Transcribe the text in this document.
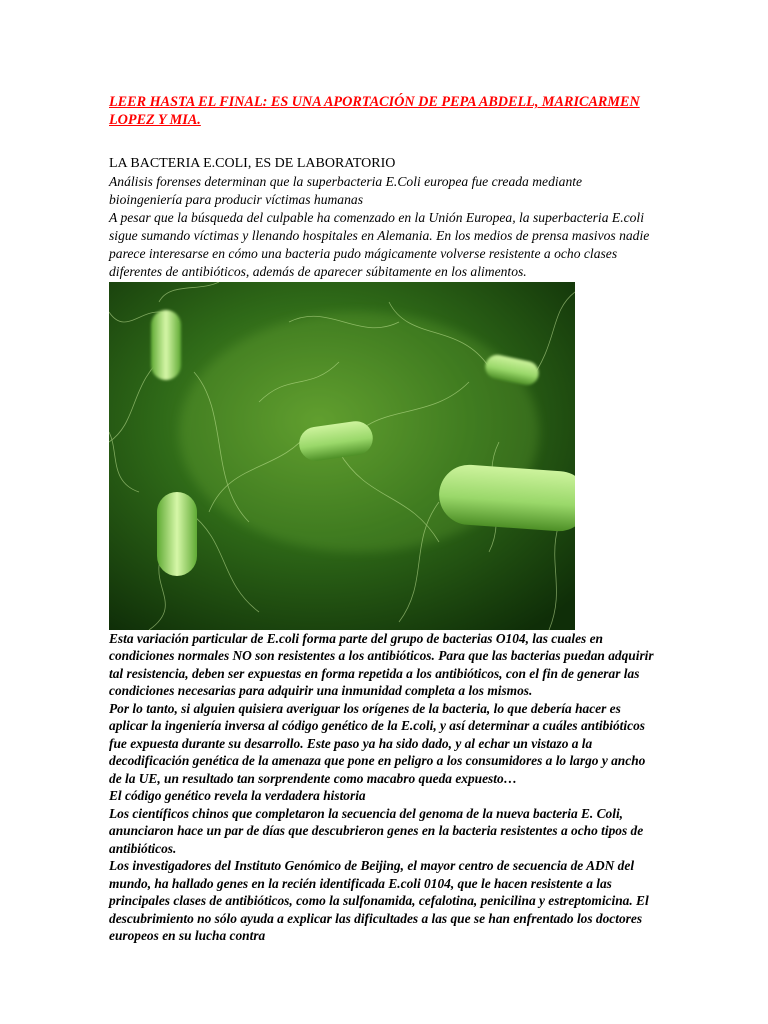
LEER HASTA EL FINAL: ES UNA APORTACIÓN DE PEPA ABDELL, MARICARMEN LOPEZ Y MIA.

LA BACTERIA E.COLI, ES DE LABORATORIO

Análisis forenses determinan que la superbacteria E.Coli europea fue creada mediante bioingeniería para producir víctimas humanas

A pesar que la búsqueda del culpable ha comenzado en la Unión Europea, la superbacteria E.coli sigue sumando víctimas y llenando hospitales en Alemania. En los medios de prensa masivos nadie parece interesarse en cómo una bacteria pudo mágicamente volverse resistente a ocho clases diferentes de antibióticos, además de aparecer súbitamente en los alimentos.

Esta variación particular de E.coli forma parte del grupo de bacterias O104, las cuales en condiciones normales NO son resistentes a los antibióticos. Para que las bacterias puedan adquirir tal resistencia, deben ser expuestas en forma repetida a los antibióticos, con el fin de generar las condiciones necesarias para adquirir una inmunidad completa a los mismos.

Por lo tanto, si alguien quisiera averiguar los orígenes de la bacteria, lo que debería hacer es aplicar la ingeniería inversa al código genético de la E.coli, y así determinar a cuáles antibióticos fue expuesta durante su desarrollo. Este paso ya ha sido dado, y al echar un vistazo a la decodificación genética de la amenaza que pone en peligro a los consumidores a lo largo y ancho de la UE, un resultado tan sorprendente como macabro queda expuesto…

El código genético revela la verdadera historia

Los científicos chinos que completaron la secuencia del genoma de la nueva bacteria E. Coli, anunciaron hace un par de días que descubrieron genes en la bacteria resistentes a ocho tipos de antibióticos.

Los investigadores del Instituto Genómico de Beijing, el mayor centro de secuencia de ADN del mundo, ha hallado genes en la recién identificada E.coli 0104, que le hacen resistente a las principales clases de antibióticos, como la sulfonamida, cefalotina, penicilina y estreptomicina. El descubrimiento no sólo ayuda a explicar las dificultades a las que se han enfrentado los doctores europeos en su lucha contra
